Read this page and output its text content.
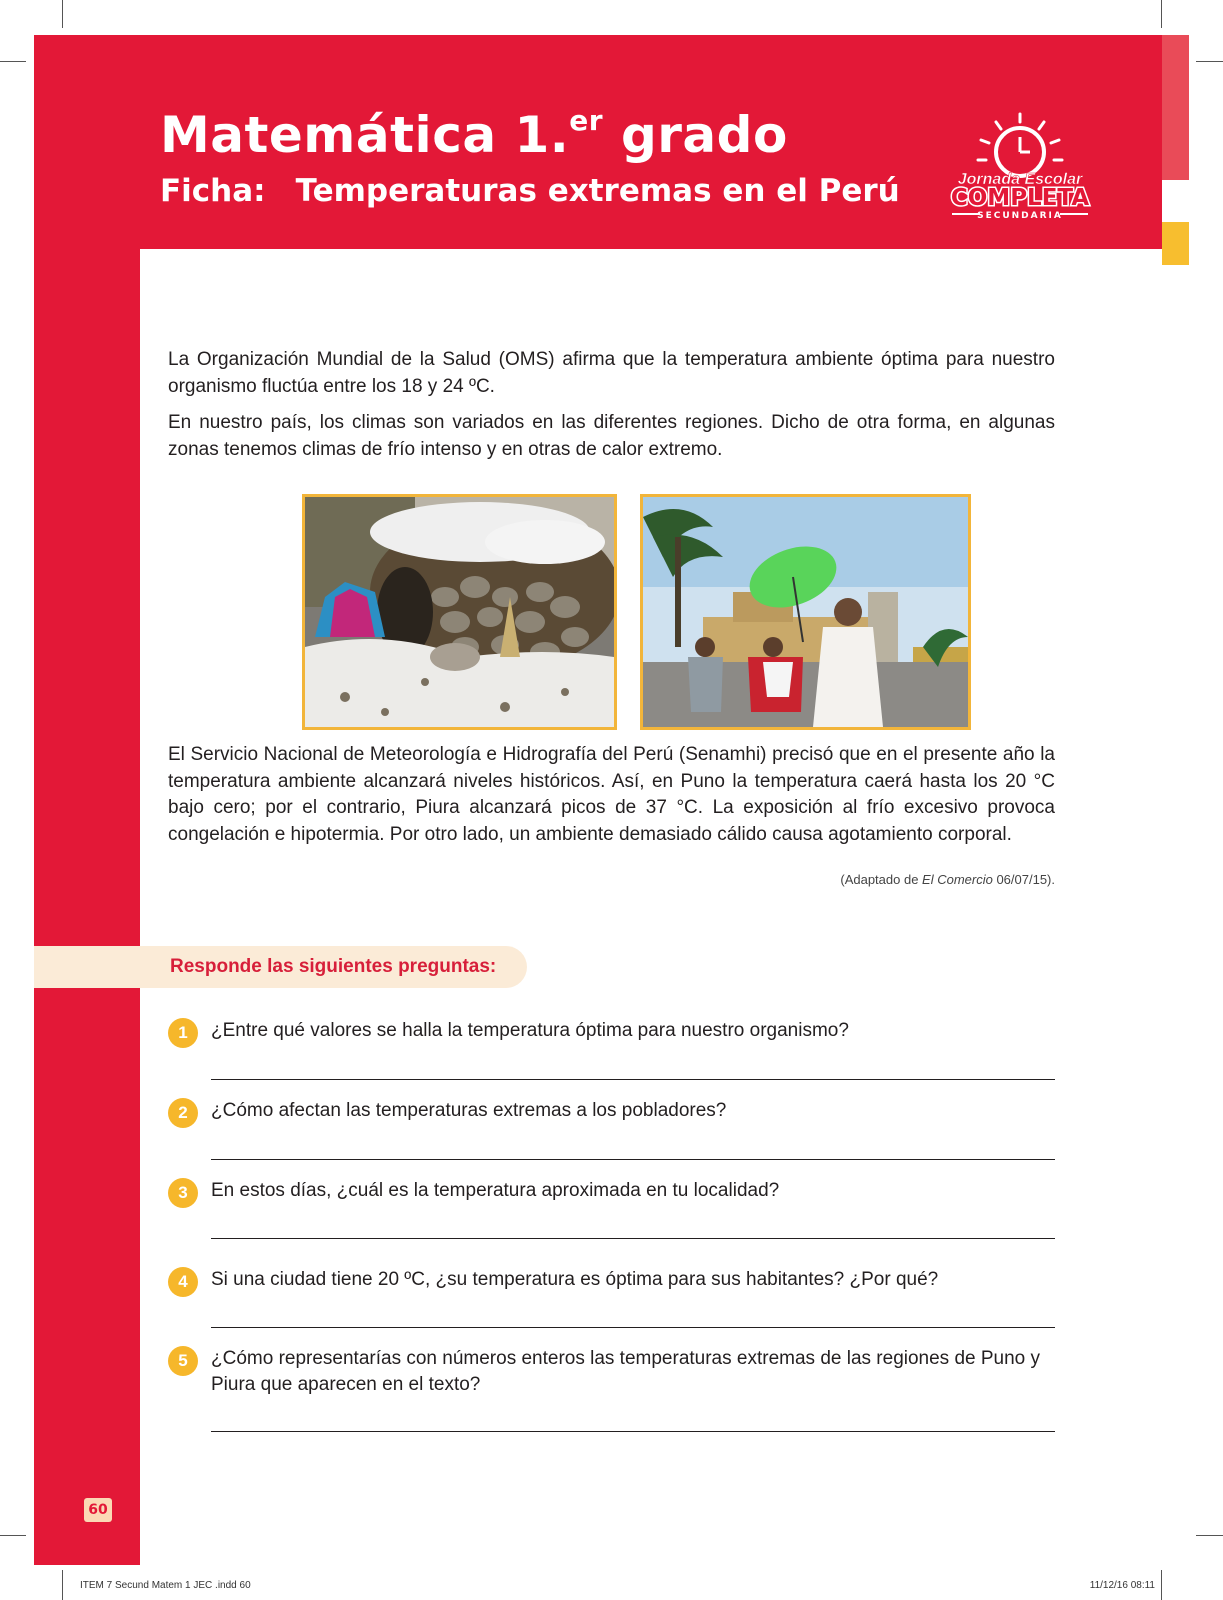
Matemática 1.$^{er}$ grado
Ficha: Temperaturas extremas en el Perú	Jornada Escolar
COMPLETA
SECUNDARIA

La Organización Mundial de la Salud (OMS) afirma que la temperatura ambiente óptima para nuestro organismo fluctúa entre los 18 y 24 ºC.

En nuestro país, los climas son variados en las diferentes regiones. Dicho de otra forma, en algunas zonas tenemos climas de frío intenso y en otras de calor extremo.

El Servicio Nacional de Meteorología e Hidrografía del Perú (Senamhi) precisó que en el presente año la temperatura ambiente alcanzará niveles históricos. Así, en Puno la temperatura caerá hasta los 20 °C bajo cero; por el contrario, Piura alcanzará picos de 37 °C. La exposición al frío excesivo provoca congelación e hipotermia. Por otro lado, un ambiente demasiado cálido causa agotamiento corporal.

(Adaptado de El Comercio 06/07/15).
Responde las siguientes preguntas:
1	¿Entre qué valores se halla la temperatura óptima para nuestro organismo?
2	¿Cómo afectan las temperaturas extremas a los pobladores?
3	En estos días, ¿cuál es la temperatura aproximada en tu localidad?
4	Si una ciudad tiene 20 ºC, ¿su temperatura es óptima para sus habitantes? ¿Por qué?
5	¿Cómo representarías con números enteros las temperaturas extremas de las regiones de Puno y Piura que aparecen en el texto?
60
ITEM 7 Secund Matem 1 JEC .indd 60	11/12/16 08:11
